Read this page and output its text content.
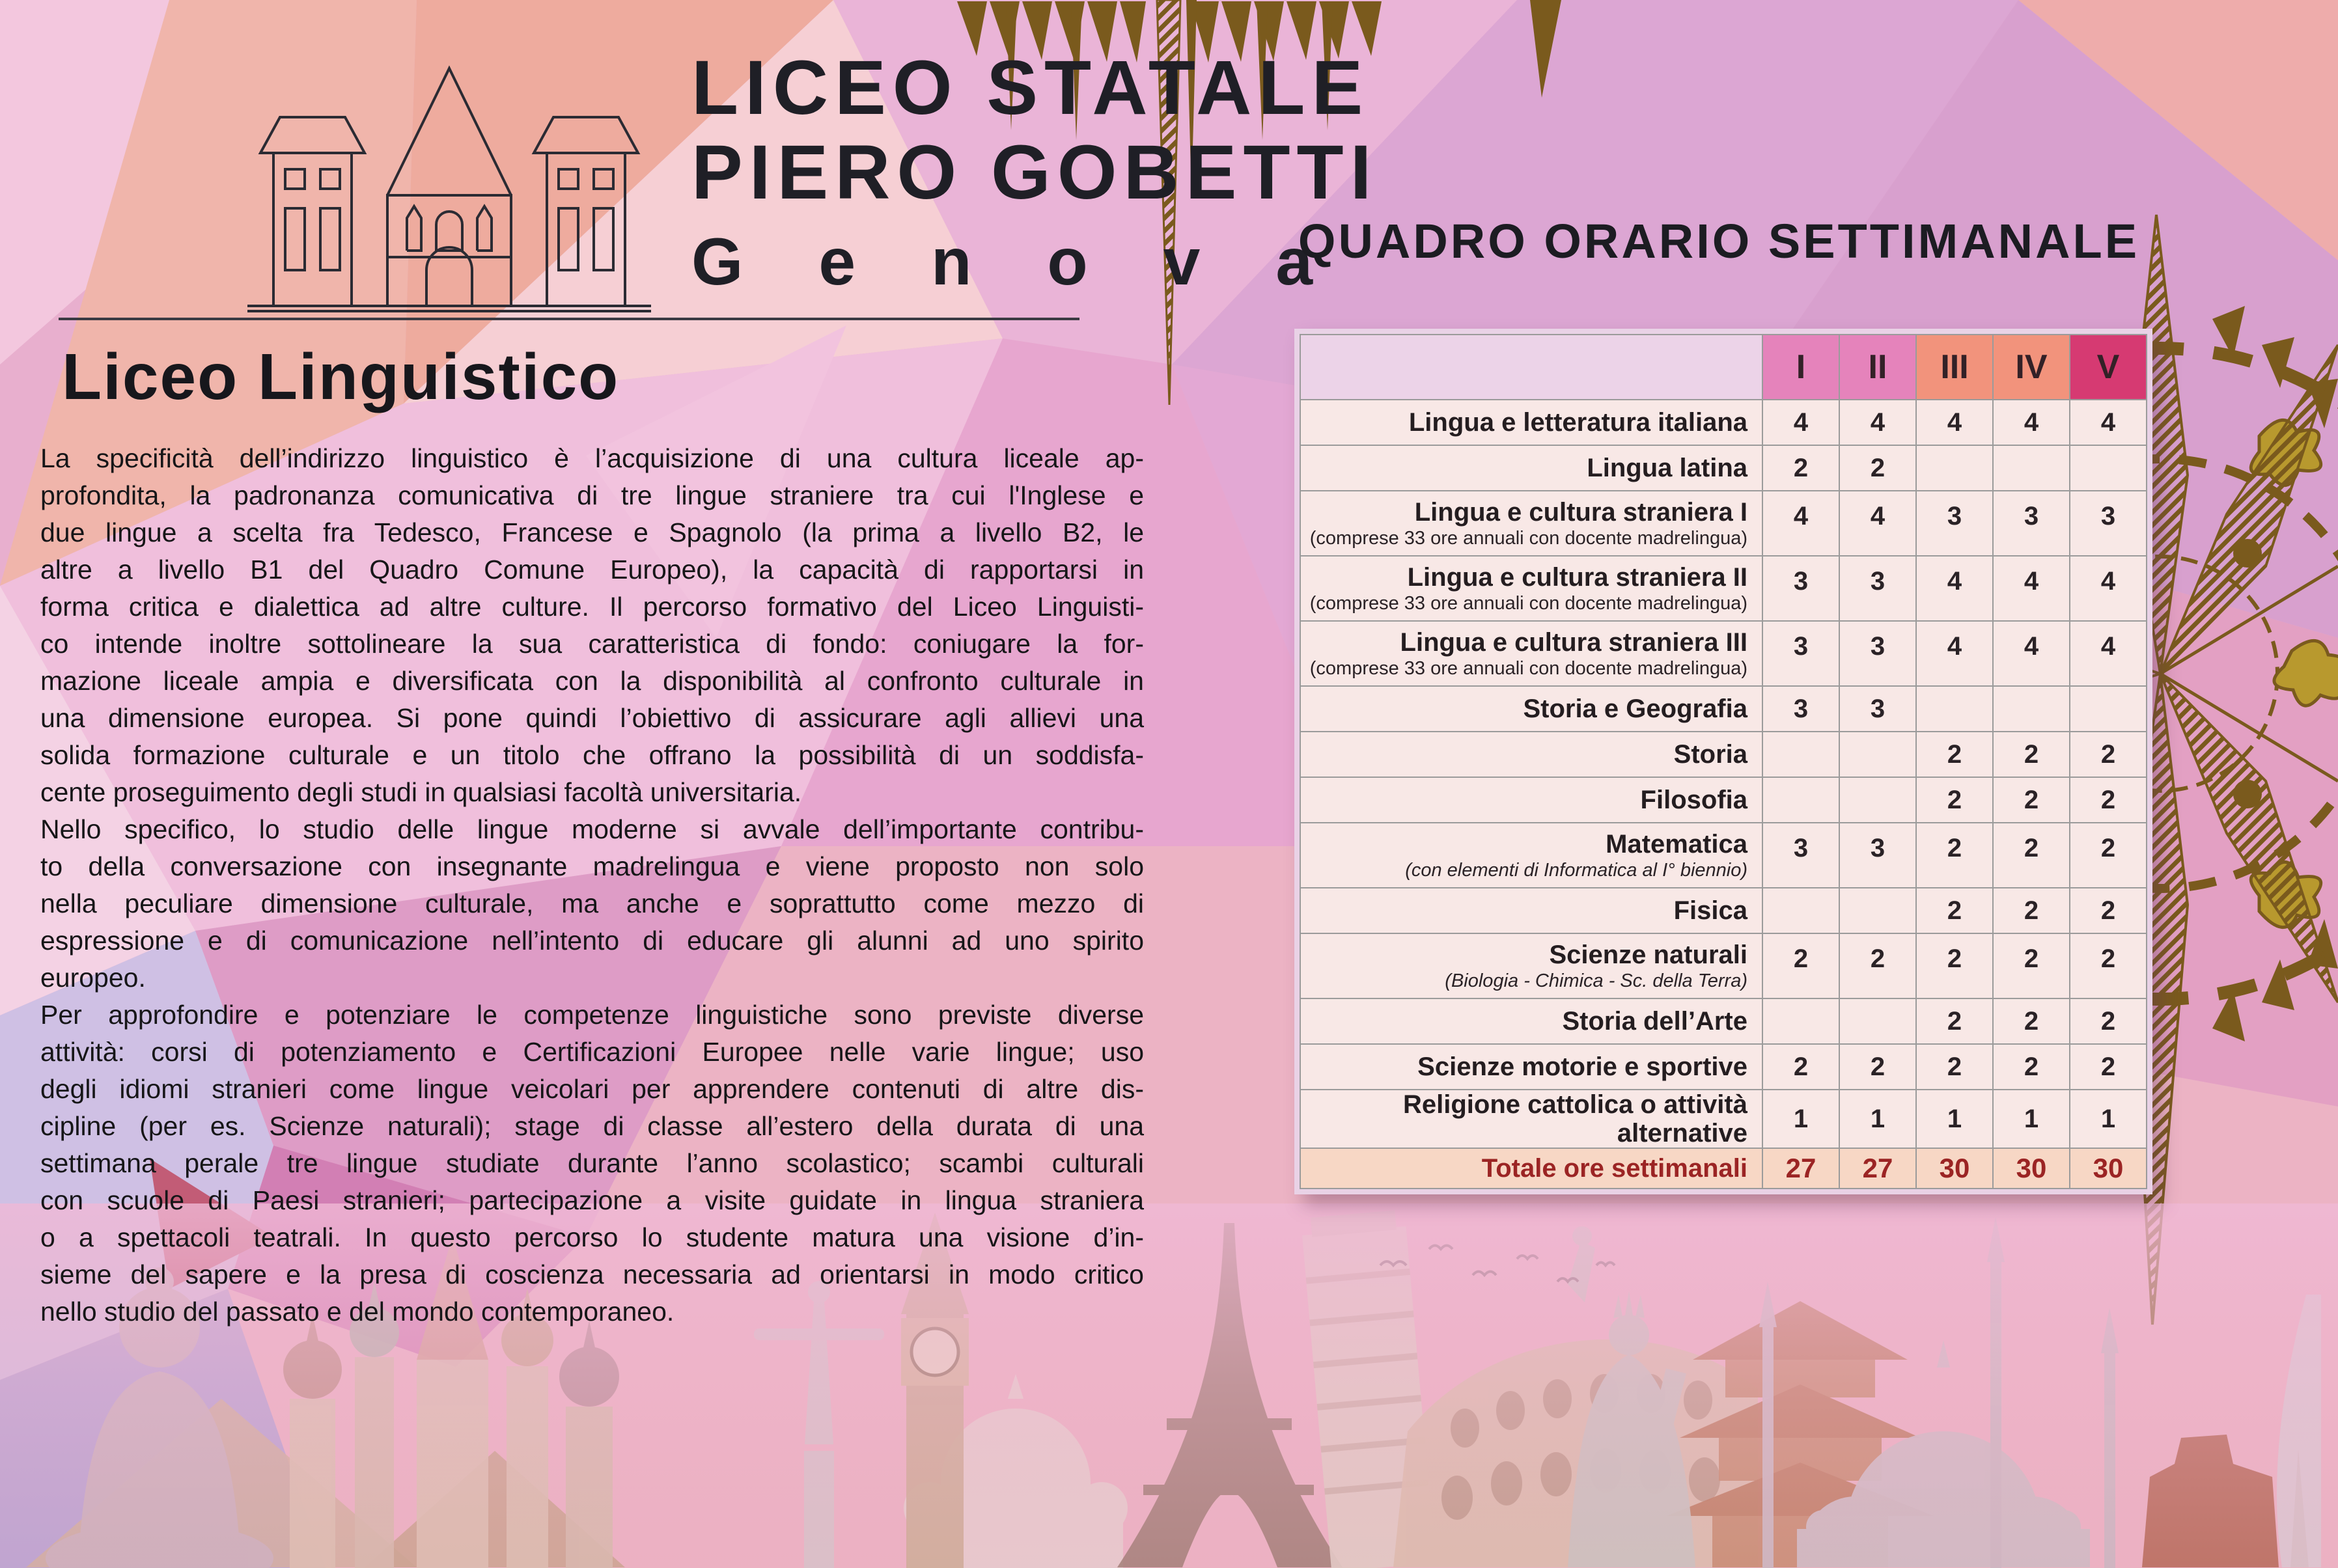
LICEO STATALE
PIERO GOBETTI
Genova
Liceo Linguistico
La specificità dell’indirizzo linguistico è l’acquisizione di una cultura liceale ap-
profondita, la padronanza comunicativa di tre lingue straniere tra cui l'Inglese e
due lingue a scelta fra Tedesco, Francese e Spagnolo (la prima a livello B2, le
altre a livello B1 del Quadro Comune Europeo), la capacità di rapportarsi in
forma critica e dialettica ad altre culture. Il percorso formativo del Liceo Linguisti-
co intende inoltre sottolineare la sua caratteristica di fondo: coniugare la for-
mazione liceale ampia e diversificata con la disponibilità al confronto culturale in
una dimensione europea. Si pone quindi l’obiettivo di assicurare agli allievi una
solida formazione culturale e un titolo che offrano la possibilità di un soddisfa-
cente proseguimento degli studi in qualsiasi facoltà universitaria.
Nello specifico, lo studio delle lingue moderne si avvale dell’importante contribu-
to della conversazione con insegnante madrelingua e viene proposto non solo
nella peculiare dimensione culturale, ma anche e soprattutto come mezzo di
espressione e di comunicazione nell’intento di educare gli alunni ad uno spirito
europeo.
Per approfondire e potenziare le competenze linguistiche sono previste diverse
attività: corsi di potenziamento e Certificazioni Europee nelle varie lingue; uso
degli idiomi stranieri come lingue veicolari per apprendere contenuti di altre dis-
cipline (per es. Scienze naturali); stage di classe all’estero della durata di una
settimana perale tre lingue studiate durante l’anno scolastico; scambi culturali
con scuole di Paesi stranieri; partecipazione a visite guidate in lingua straniera
o a spettacoli teatrali. In questo percorso lo studente matura una visione d’in-
sieme del sapere e la presa di coscienza necessaria ad orientarsi in modo critico
nello studio del passato e del mondo contemporaneo.
QUADRO ORARIO SETTIMANALE
	I	II	III	IV	V

Lingua e letteratura italiana	4	4	4	4	4

Lingua latina	2	2			

Lingua e cultura straniera I
(comprese 33 ore annuali con docente madrelingua)	4	4	3	3	3

Lingua e cultura straniera II
(comprese 33 ore annuali con docente madrelingua)	3	3	4	4	4

Lingua e cultura straniera III
(comprese 33 ore annuali con docente madrelingua)	3	3	4	4	4

Storia e Geografia	3	3			

Storia			2	2	2

Filosofia			2	2	2

Matematica
(con elementi di Informatica al I° biennio)	3	3	2	2	2

Fisica			2	2	2

Scienze naturali
(Biologia - Chimica - Sc. della Terra)	2	2	2	2	2

Storia dell’Arte			2	2	2

Scienze motorie e sportive	2	2	2	2	2

Religione cattolica o attività alternative	1	1	1	1	1

Totale ore settimanali	27	27	30	30	30
